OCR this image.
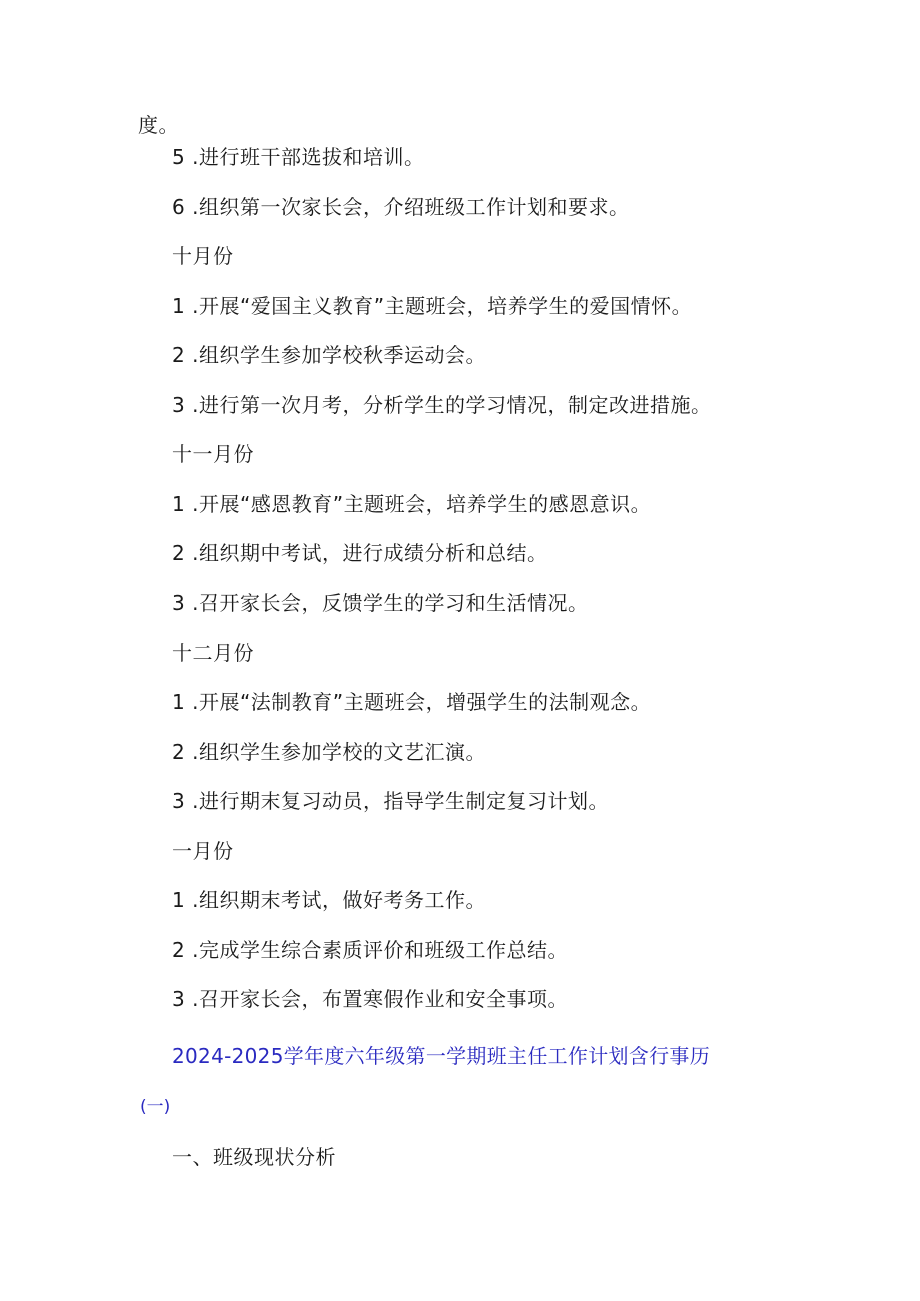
度。
5 .进行班干部选拔和培训。
6 .组织第一次家长会，介绍班级工作计划和要求。
十月份
1 .开展“爱国主义教育”主题班会，培养学生的爱国情怀。
2 .组织学生参加学校秋季运动会。
3 .进行第一次月考，分析学生的学习情况，制定改进措施。
十一月份
1 .开展“感恩教育”主题班会，培养学生的感恩意识。
2 .组织期中考试，进行成绩分析和总结。
3 .召开家长会，反馈学生的学习和生活情况。
十二月份
1 .开展“法制教育”主题班会，增强学生的法制观念。
2 .组织学生参加学校的文艺汇演。
3 .进行期末复习动员，指导学生制定复习计划。
一月份
1 .组织期末考试，做好考务工作。
2 .完成学生综合素质评价和班级工作总结。
3 .召开家长会，布置寒假作业和安全事项。
2024-2025学年度六年级第一学期班主任工作计划含行事历
(一)
一、班级现状分析
